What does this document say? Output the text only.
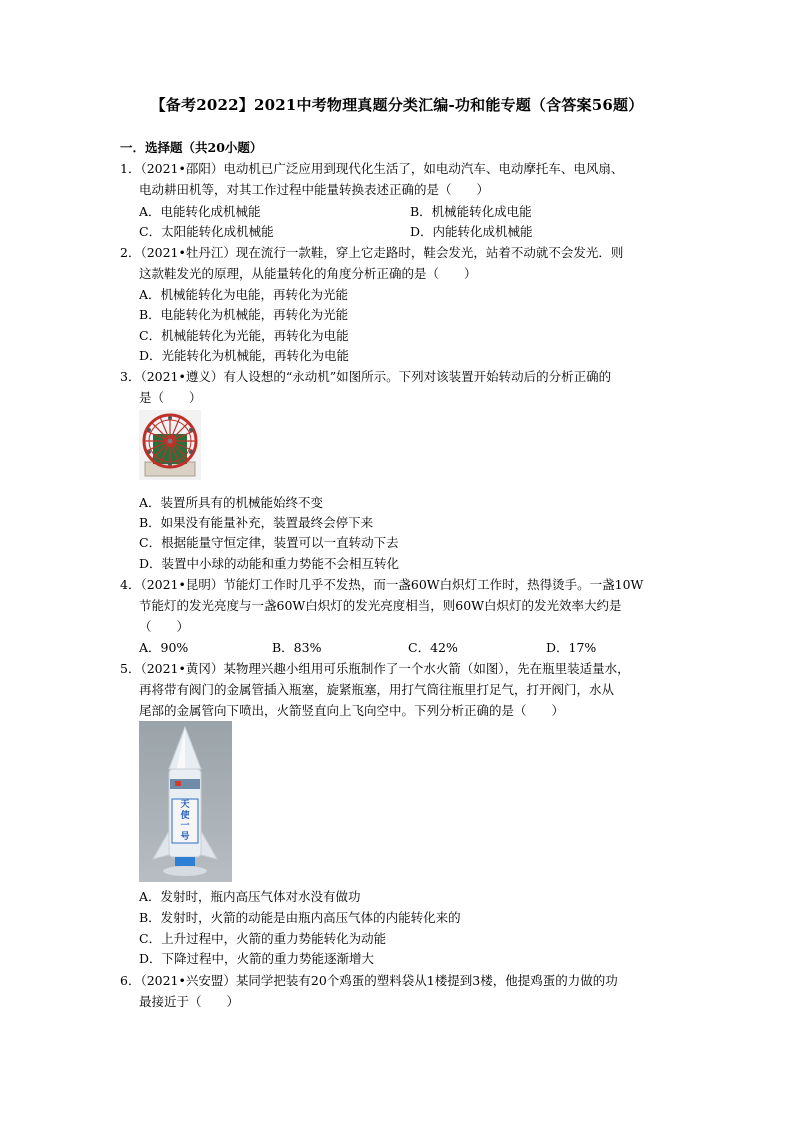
【备考2022】2021中考物理真题分类汇编-功和能专题（含答案56题）
一．选择题（共20小题）
1．（2021•邵阳）电动机已广泛应用到现代化生活了，如电动汽车、电动摩托车、电风扇、
电动耕田机等，对其工作过程中能量转换表述正确的是（　　）
A．电能转化成机械能	B．机械能转化成电能
C．太阳能转化成机械能	D．内能转化成机械能
2．（2021•牡丹江）现在流行一款鞋，穿上它走路时，鞋会发光，站着不动就不会发光．则
这款鞋发光的原理，从能量转化的角度分析正确的是（　　）
A．机械能转化为电能，再转化为光能
B．电能转化为机械能，再转化为光能
C．机械能转化为光能，再转化为电能
D．光能转化为机械能，再转化为电能
3．（2021•遵义）有人设想的“永动机”如图所示。下列对该装置开始转动后的分析正确的
是（　　）
A．装置所具有的机械能始终不变
B．如果没有能量补充，装置最终会停下来
C．根据能量守恒定律，装置可以一直转动下去
D．装置中小球的动能和重力势能不会相互转化
4．（2021•昆明）节能灯工作时几乎不发热，而一盏60W白炽灯工作时，热得烫手。一盏10W
节能灯的发光亮度与一盏60W白炽灯的发光亮度相当，则60W白炽灯的发光效率大约是
（　　）
A．90%	B．83%	C．42%	D．17%
5．（2021•黄冈）某物理兴趣小组用可乐瓶制作了一个水火箭（如图），先在瓶里装适量水，
再将带有阀门的金属管插入瓶塞，旋紧瓶塞，用打气筒往瓶里打足气，打开阀门，水从
尾部的金属管向下喷出，火箭竖直向上飞向空中。下列分析正确的是（　　）
天
使
一
号
A．发射时，瓶内高压气体对水没有做功
B．发射时，火箭的动能是由瓶内高压气体的内能转化来的
C．上升过程中，火箭的重力势能转化为动能
D．下降过程中，火箭的重力势能逐渐增大
6．（2021•兴安盟）某同学把装有20个鸡蛋的塑料袋从1楼提到3楼，他提鸡蛋的力做的功
最接近于（　　）
